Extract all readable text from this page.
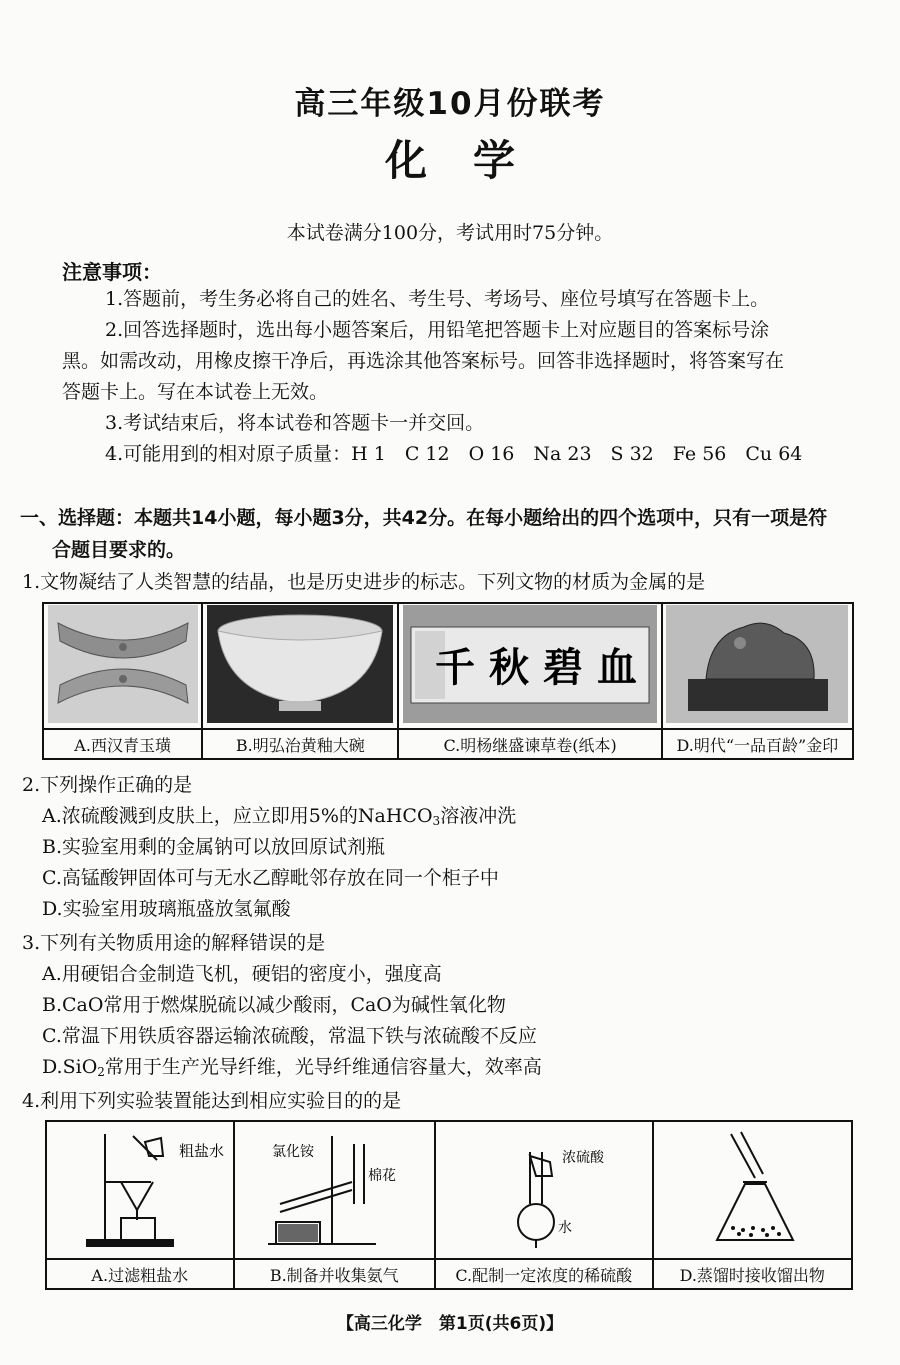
高三年级10月份联考
化学
本试卷满分100分，考试用时75分钟。
注意事项：
1.答题前，考生务必将自己的姓名、考生号、考场号、座位号填写在答题卡上。
2.回答选择题时，选出每小题答案后，用铅笔把答题卡上对应题目的答案标号涂
黑。如需改动，用橡皮擦干净后，再选涂其他答案标号。回答非选择题时，将答案写在
答题卡上。写在本试卷上无效。
3.考试结束后，将本试卷和答题卡一并交回。
4.可能用到的相对原子质量：H 1　C 12　O 16　Na 23　S 32　Fe 56　Cu 64
一、选择题：本题共14小题，每小题3分，共42分。在每小题给出的四个选项中，只有一项是符
合题目要求的。
1.文物凝结了人类智慧的结晶，也是历史进步的标志。下列文物的材质为金属的是

千秋碧血

A.西汉青玉璜	B.明弘治黄釉大碗	C.明杨继盛谏草卷(纸本)	D.明代“一品百龄”金印
2.下列操作正确的是
A.浓硫酸溅到皮肤上，应立即用5%的NaHCO$_3$溶液冲洗
B.实验室用剩的金属钠可以放回原试剂瓶
C.高锰酸钾固体可与无水乙醇毗邻存放在同一个柜子中
D.实验室用玻璃瓶盛放氢氟酸
3.下列有关物质用途的解释错误的是
A.用硬铝合金制造飞机，硬铝的密度小，强度高
B.CaO常用于燃煤脱硫以减少酸雨，CaO为碱性氧化物
C.常温下用铁质容器运输浓硫酸，常温下铁与浓硫酸不反应
D.SiO$_2$常用于生产光导纤维，光导纤维通信容量大，效率高
4.利用下列实验装置能达到相应实验目的的是
粗盐水	氯化铵
棉花	浓硫酸
水

A.过滤粗盐水	B.制备并收集氨气	C.配制一定浓度的稀硫酸	D.蒸馏时接收馏出物
【高三化学　第1页(共6页)】
